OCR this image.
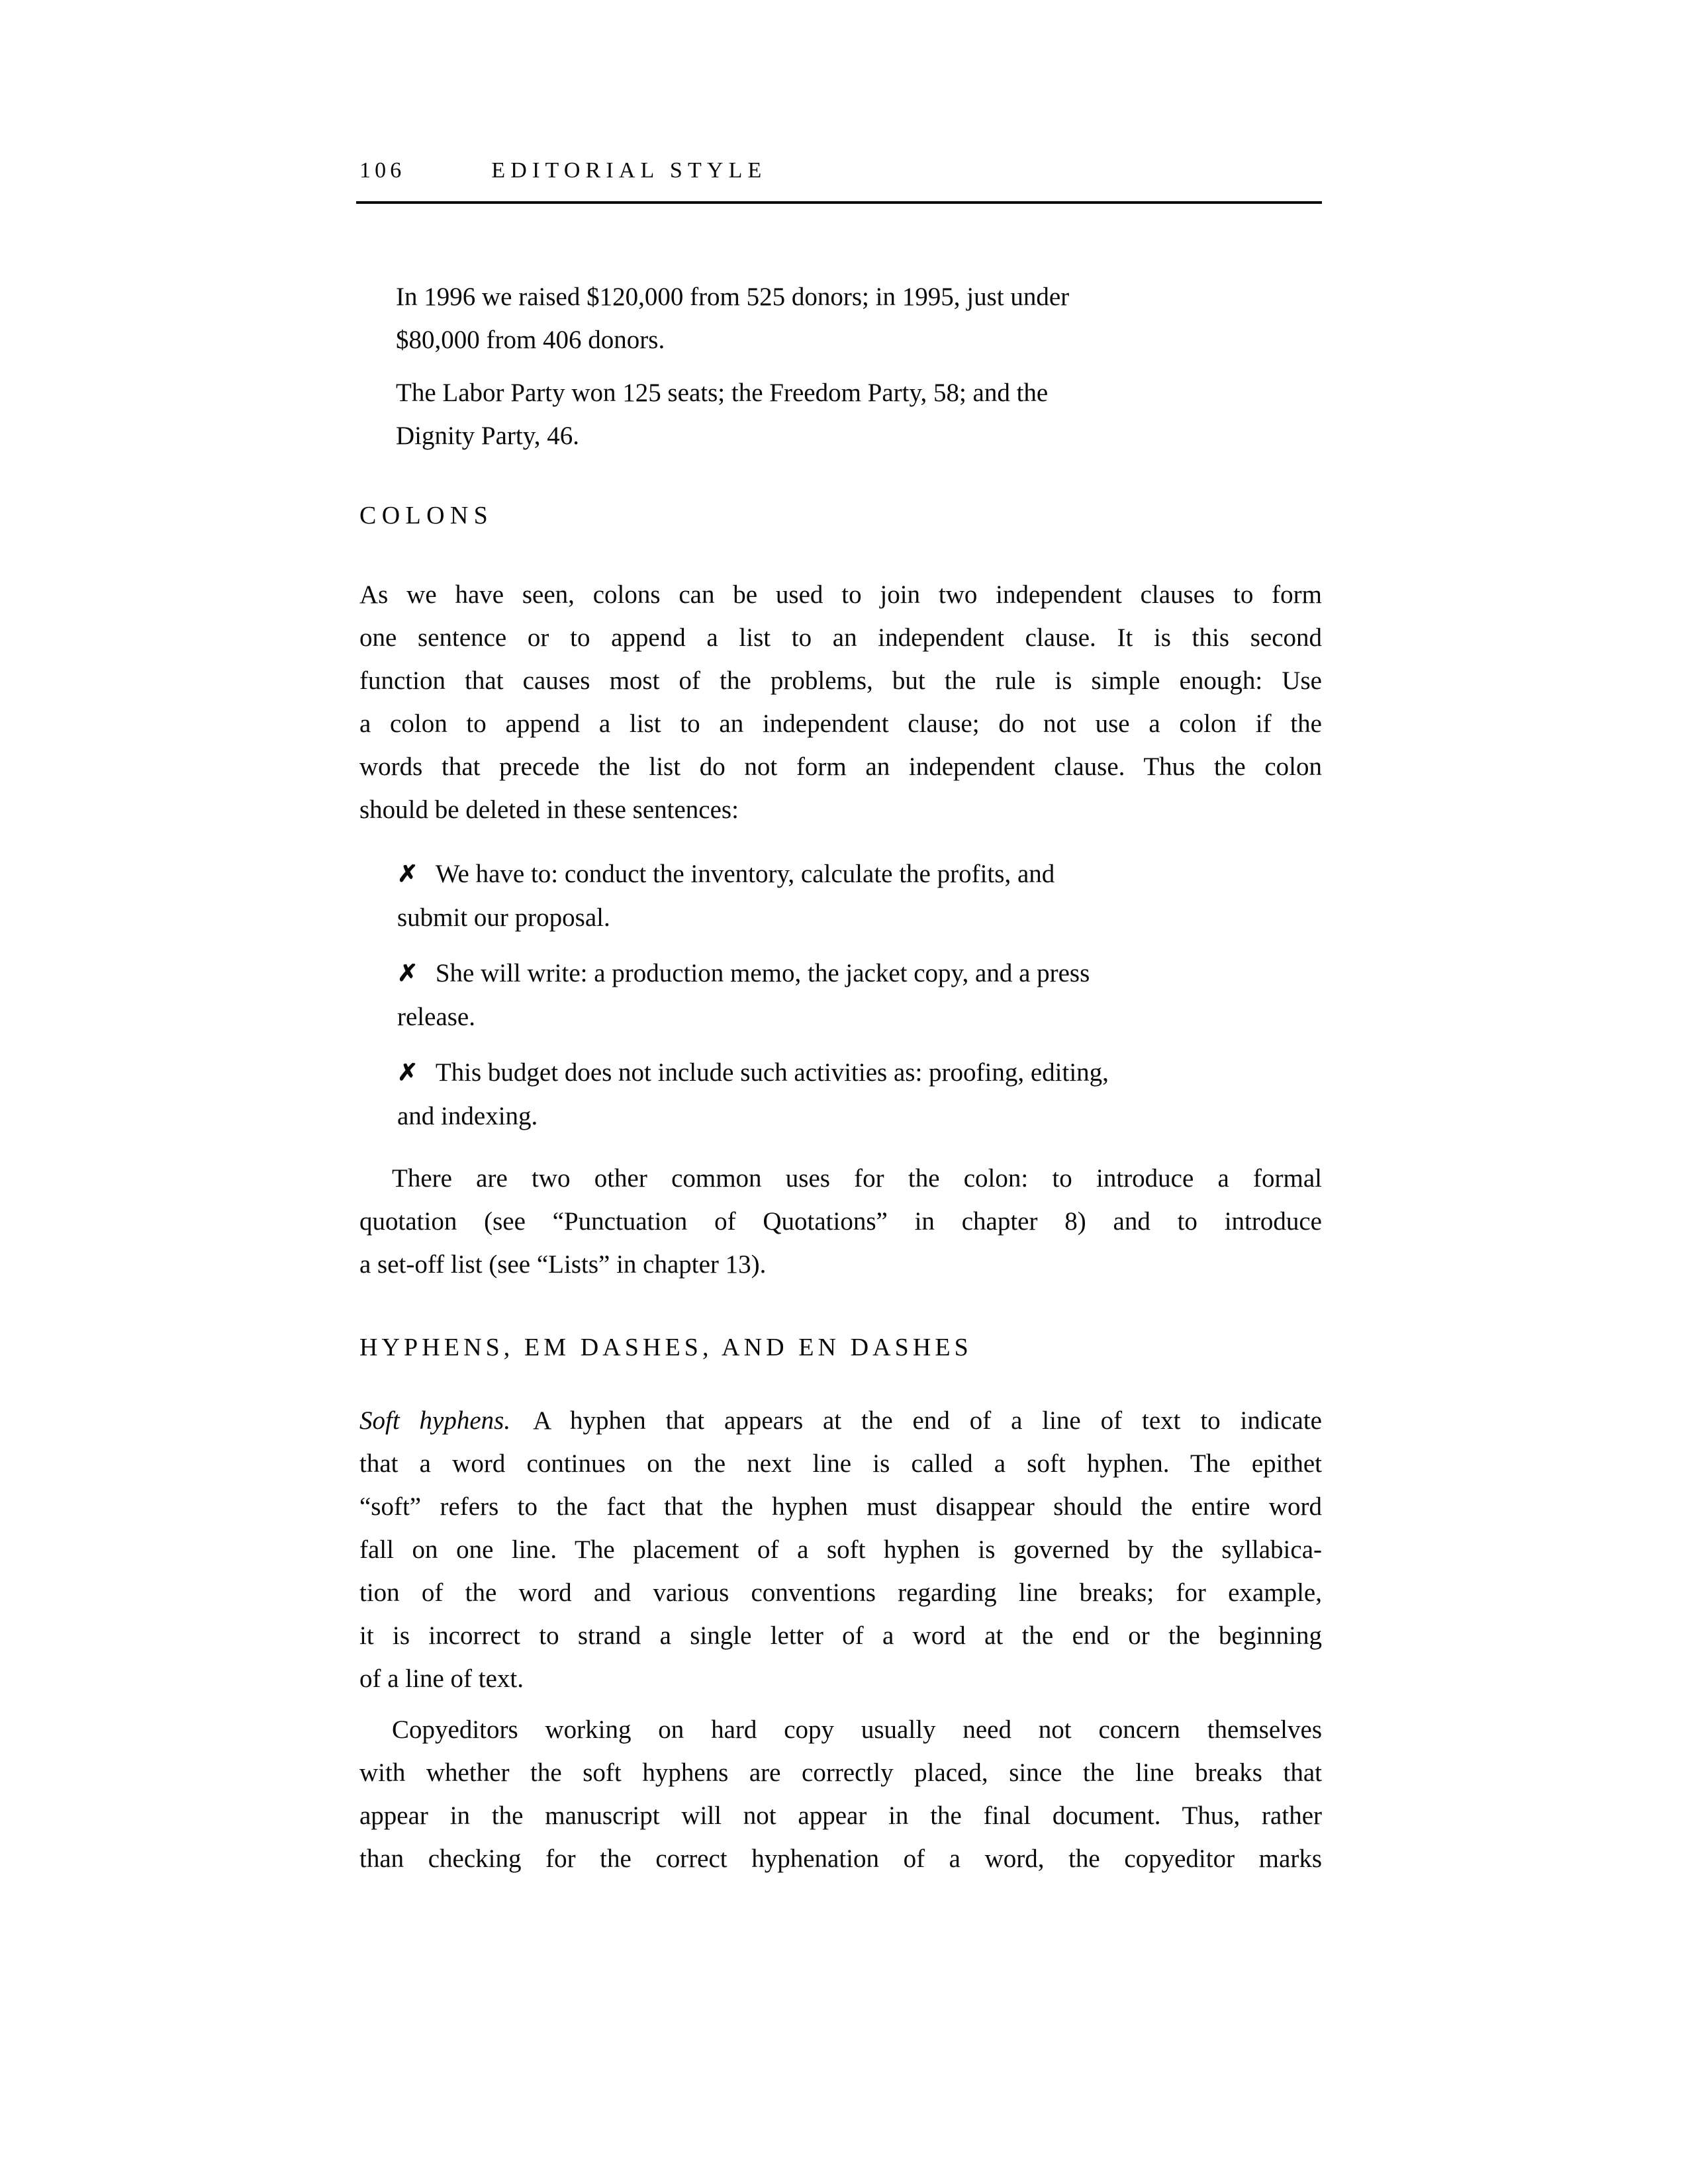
106	EDITORIAL STYLE
In 1996 we raised $120,000 from 525 donors; in 1995, just under
$80,000 from 406 donors.
The Labor Party won 125 seats; the Freedom Party, 58; and the
Dignity Party, 46.
COLONS
As we have seen, colons can be used to join two independent clauses to form
one sentence or to append a list to an independent clause. It is this second
function that causes most of the problems, but the rule is simple enough: Use
a colon to append a list to an independent clause; do not use a colon if the
words that precede the list do not form an independent clause. Thus the colon
should be deleted in these sentences:
✗ We have to: conduct the inventory, calculate the profits, and
submit our proposal.
✗ She will write: a production memo, the jacket copy, and a press
release.
✗ This budget does not include such activities as: proofing, editing,
and indexing.
There are two other common uses for the colon: to introduce a formal
quotation (see “Punctuation of Quotations” in chapter 8) and to introduce
a set-off list (see “Lists” in chapter 13).
HYPHENS, EM DASHES, AND EN DASHES
Soft hyphens. A hyphen that appears at the end of a line of text to indicate
that a word continues on the next line is called a soft hyphen. The epithet
“soft” refers to the fact that the hyphen must disappear should the entire word
fall on one line. The placement of a soft hyphen is governed by the syllabica-
tion of the word and various conventions regarding line breaks; for example,
it is incorrect to strand a single letter of a word at the end or the beginning
of a line of text.
Copyeditors working on hard copy usually need not concern themselves
with whether the soft hyphens are correctly placed, since the line breaks that
appear in the manuscript will not appear in the final document. Thus, rather
than checking for the correct hyphenation of a word, the copyeditor marks
